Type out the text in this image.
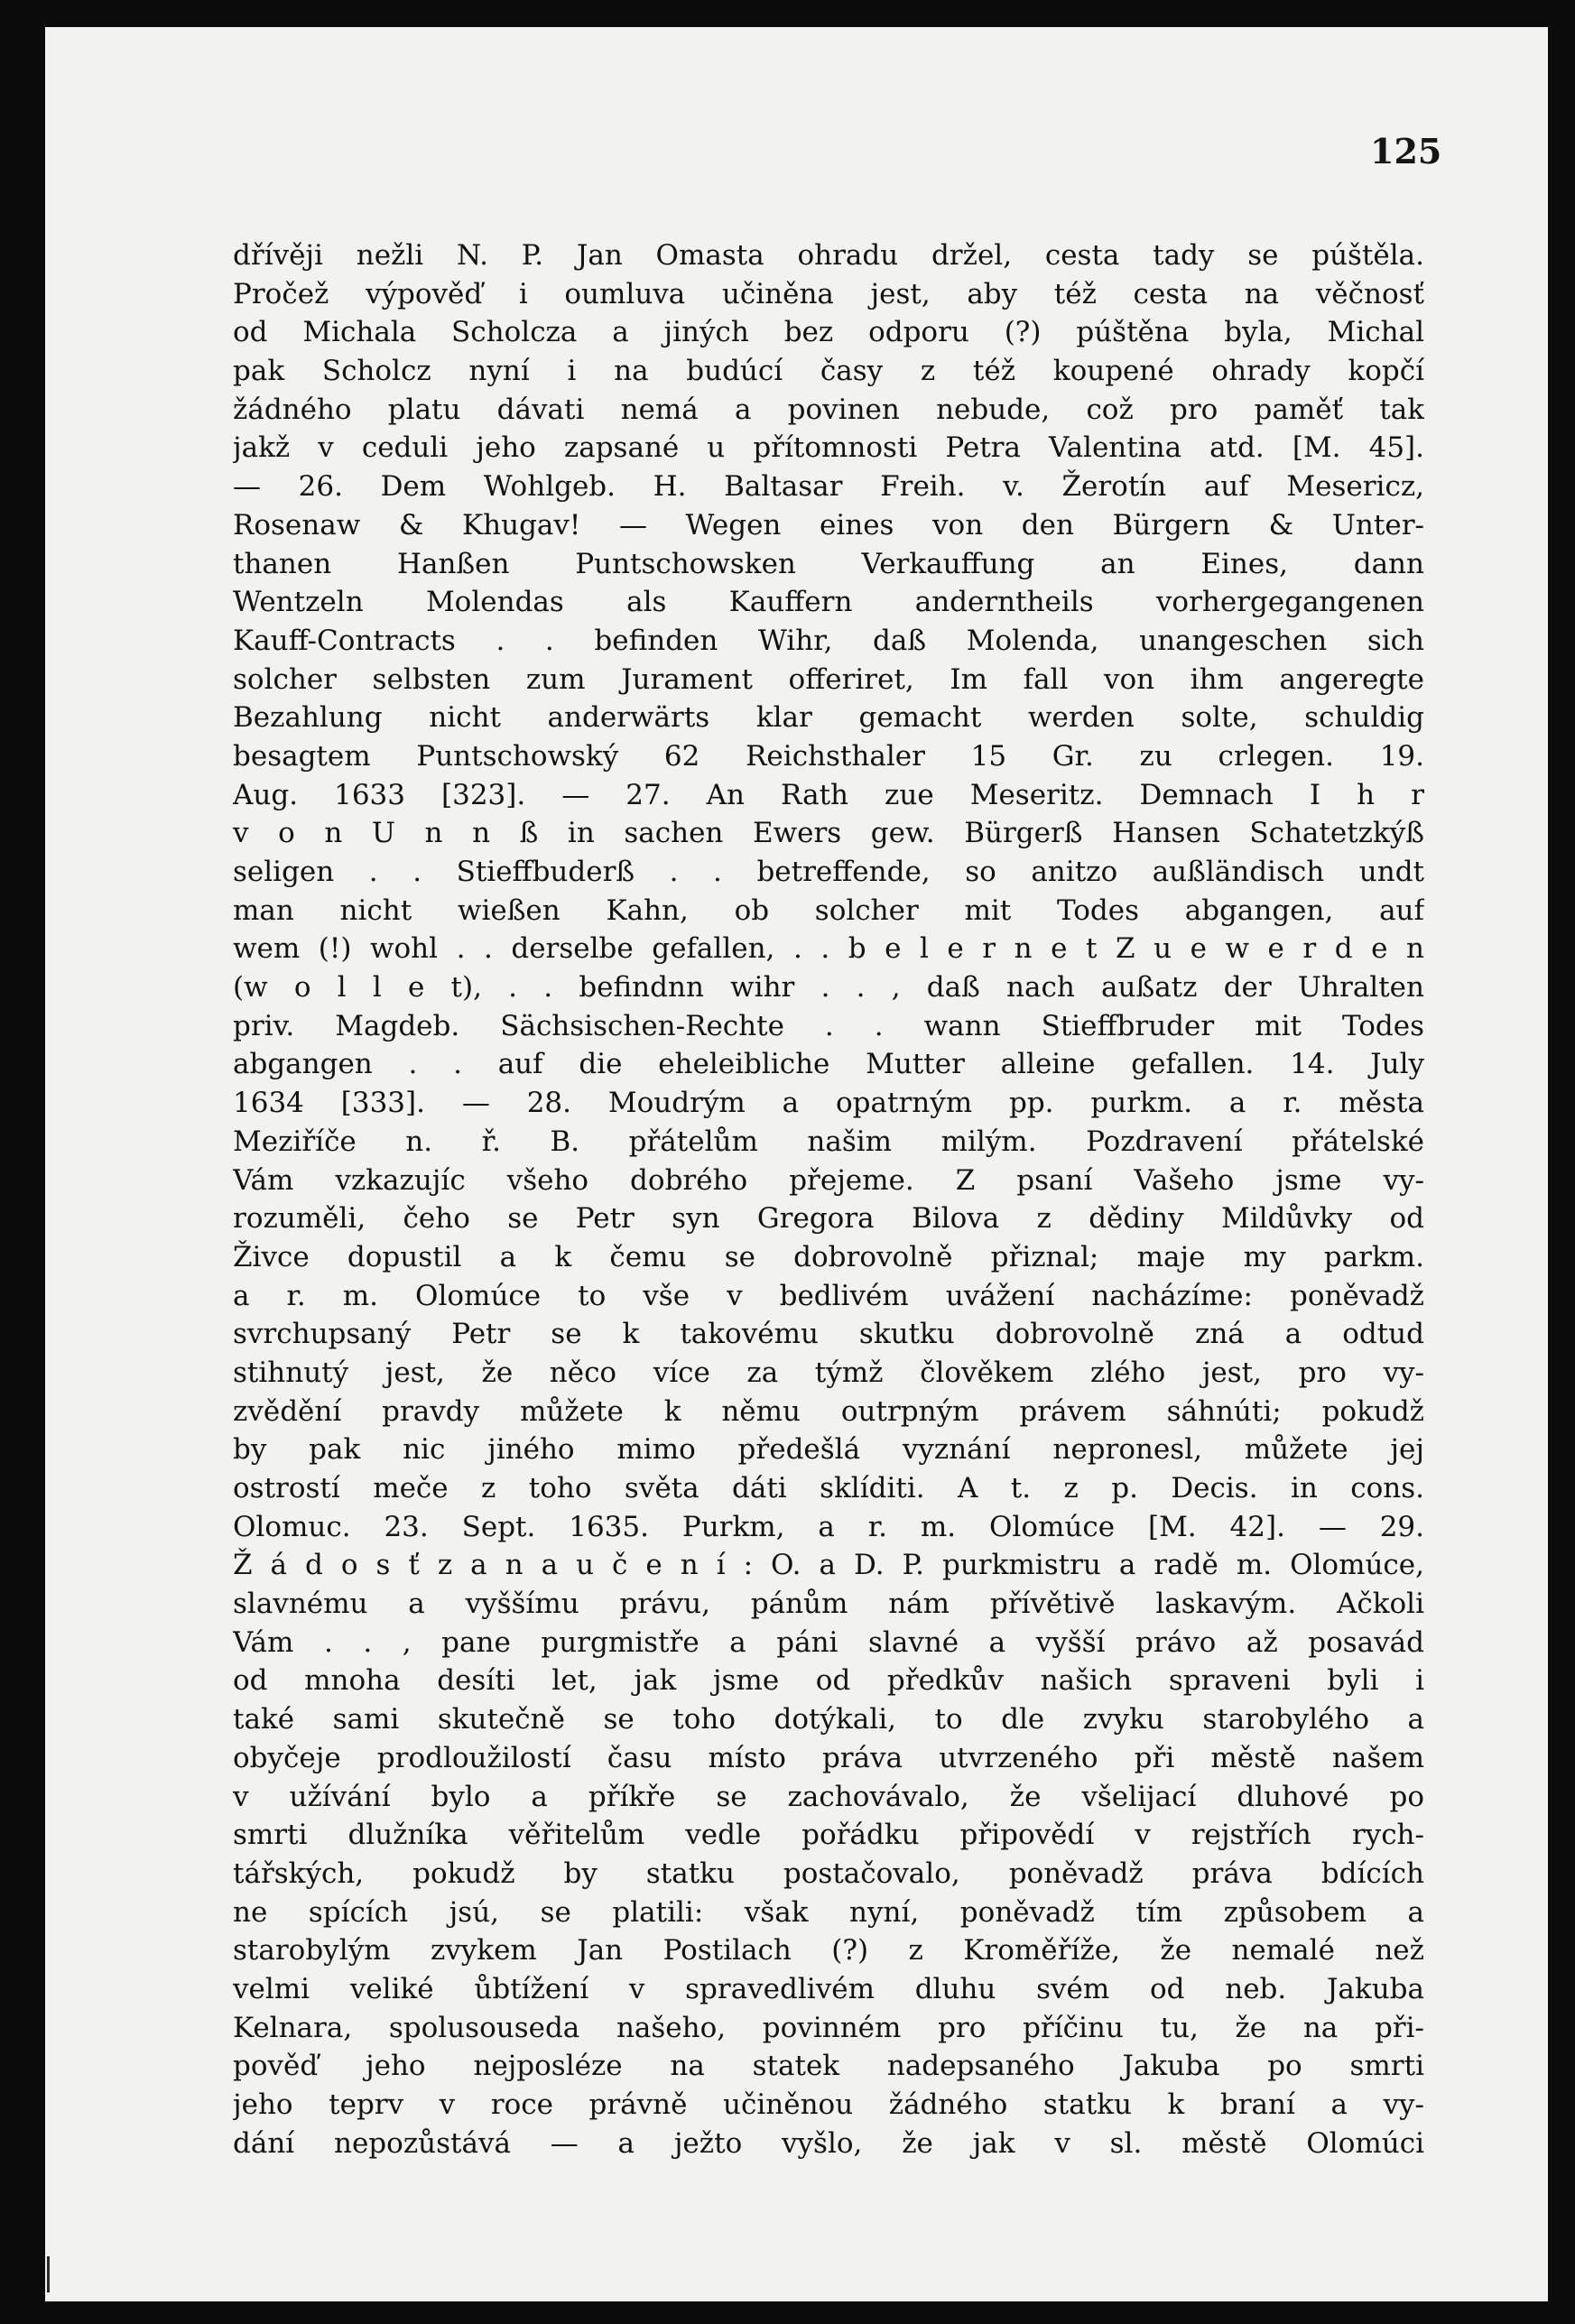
125

dřívěji nežli N. P. Jan Omasta ohradu držel, cesta tady se púštěla.
Pročež výpověď i oumluva učiněna jest, aby též cesta na věčnosť
od Michala Scholcza a jiných bez odporu (?) púštěna byla, Michal
pak Scholcz nyní i na budúcí časy z též koupené ohrady kopčí
žádného platu dávati nemá a povinen nebude, což pro paměť tak
jakž v ceduli jeho zapsané u přítomnosti Petra Valentina atd. [M. 45].
— 26. Dem Wohlgeb. H. Baltasar Freih. v. Žerotín auf Mesericz,
Rosenaw & Khugav! — Wegen eines von den Bürgern & Unter-
thanen Hanßen Puntschowsken Verkauffung an Eines, dann
Wentzeln Molendas als Kauffern anderntheils vorhergegangenen
Kauff-Contracts . . befinden Wihr, daß Molenda, unangeschen sich
solcher selbsten zum Jurament offeriret, Im fall von ihm angeregte
Bezahlung nicht anderwärts klar gemacht werden solte, schuldig
besagtem Puntschowský 62 Reichsthaler 15 Gr. zu crlegen. 19.
Aug. 1633 [323]. — 27. An Rath zue Meseritz. Demnach I h r
v o n U n n ß in sachen Ewers gew. Bürgerß Hansen Schatetzkýß
seligen . . Stieffbuderß . . betreffende, so anitzo außländisch undt
man nicht wießen Kahn, ob solcher mit Todes abgangen, auf
wem (!) wohl . . derselbe gefallen, . . b e l e r n e t Z u e w e r d e n
(w o l l e t), . . befindnn wihr . . , daß nach außatz der Uhralten
priv. Magdeb. Sächsischen-Rechte . . wann Stieffbruder mit Todes
abgangen . . auf die eheleibliche Mutter alleine gefallen. 14. July
1634 [333]. — 28. Moudrým a opatrným pp. purkm. a r. města
Meziříče n. ř. B. přátelům našim milým. Pozdravení přátelské
Vám vzkazujíc všeho dobrého přejeme. Z psaní Vašeho jsme vy-
rozuměli, čeho se Petr syn Gregora Bilova z dědiny Mildůvky od
Živce dopustil a k čemu se dobrovolně přiznal; maje my parkm.
a r. m. Olomúce to vše v bedlivém uvážení nacházíme: poněvadž
svrchupsaný Petr se k takovému skutku dobrovolně zná a odtud
stihnutý jest, že něco více za týmž člověkem zlého jest, pro vy-
zvědění pravdy můžete k němu outrpným právem sáhnúti; pokudž
by pak nic jiného mimo předešlá vyznání nepronesl, můžete jej
ostrostí meče z toho světa dáti sklíditi. A t. z p. Decis. in cons.
Olomuc. 23. Sept. 1635. Purkm, a r. m. Olomúce [M. 42]. — 29.
Ž á d o s ť z a n a u č e n í : O. a D. P. purkmistru a radě m. Olomúce,
slavnému a vyššímu právu, pánům nám přívětivě laskavým. Ačkoli
Vám . . , pane purgmistře a páni slavné a vyšší právo až posavád
od mnoha desíti let, jak jsme od předkův našich spraveni byli i
také sami skutečně se toho dotýkali, to dle zvyku starobylého a
obyčeje prodloužilostí času místo práva utvrzeného při městě našem
v užívání bylo a příkře se zachovávalo, že všelijací dluhové po
smrti dlužníka věřitelům vedle pořádku připovědí v rejstřích rych-
tářských, pokudž by statku postačovalo, poněvadž práva bdících
ne spících jsú, se platili: však nyní, poněvadž tím způsobem a
starobylým zvykem Jan Postilach (?) z Kroměříže, že nemalé než
velmi veliké ůbtížení v spravedlivém dluhu svém od neb. Jakuba
Kelnara, spolusouseda našeho, povinném pro příčinu tu, že na při-
pověď jeho nejposléze na statek nadepsaného Jakuba po smrti
jeho teprv v roce právně učiněnou žádného statku k braní a vy-
dání nepozůstává — a ježto vyšlo, že jak v sl. městě Olomúci
